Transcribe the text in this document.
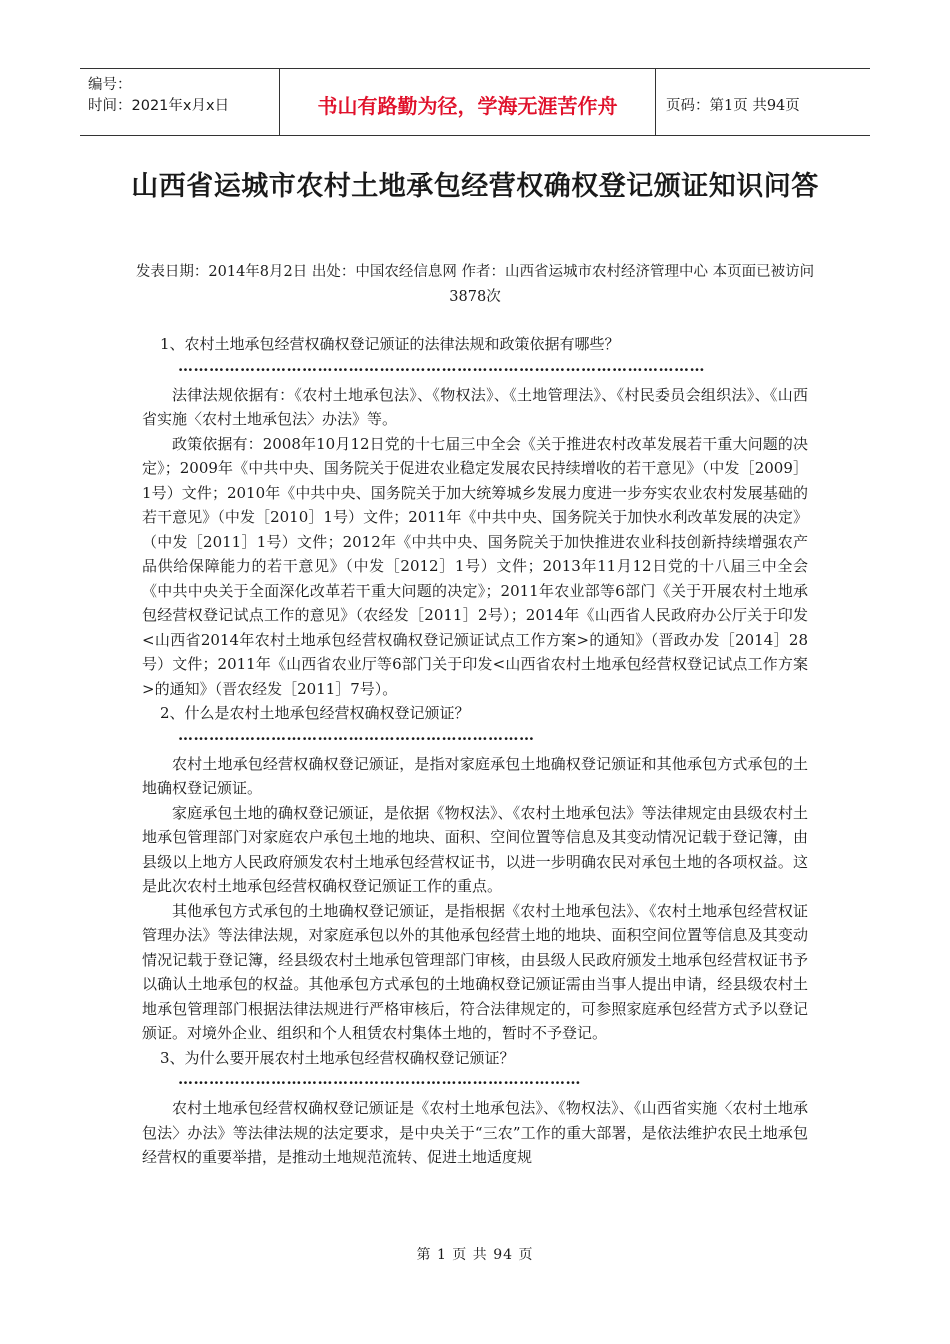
编号：
时间：2021年x月x日	书山有路勤为径，学海无涯苦作舟	页码：第1页 共94页
山西省运城市农村土地承包经营权确权登记颁证知识问答
发表日期：2014年8月2日 出处：中国农经信息网 作者：山西省运城市农村经济管理中心 本页面已被访问 3878次

1、农村土地承包经营权确权登记颁证的法律法规和政策依据有哪些？

…………………………………………………………………………………………

法律法规依据有：《农村土地承包法》、《物权法》、《土地管理法》、《村民委员会组织法》、《山西省实施〈农村土地承包法〉办法》等。

政策依据有：2008年10月12日党的十七届三中全会《关于推进农村改革发展若干重大问题的决定》；2009年《中共中央、国务院关于促进农业稳定发展农民持续增收的若干意见》（中发［2009］1号）文件；2010年《中共中央、国务院关于加大统筹城乡发展力度进一步夯实农业农村发展基础的若干意见》（中发［2010］1号）文件；2011年《中共中央、国务院关于加快水利改革发展的决定》（中发［2011］1号）文件；2012年《中共中央、国务院关于加快推进农业科技创新持续增强农产品供给保障能力的若干意见》（中发［2012］1号）文件；2013年11月12日党的十八届三中全会《中共中央关于全面深化改革若干重大问题的决定》；2011年农业部等6部门《关于开展农村土地承包经营权登记试点工作的意见》（农经发［2011］2号）；2014年《山西省人民政府办公厅关于印发<山西省2014年农村土地承包经营权确权登记颁证试点工作方案>的通知》（晋政办发［2014］28号）文件；2011年《山西省农业厅等6部门关于印发<山西省农村土地承包经营权登记试点工作方案>的通知》（晋农经发［2011］7号）。

2、什么是农村土地承包经营权确权登记颁证？

……………………………………………………………

农村土地承包经营权确权登记颁证，是指对家庭承包土地确权登记颁证和其他承包方式承包的土地确权登记颁证。

家庭承包土地的确权登记颁证，是依据《物权法》、《农村土地承包法》等法律规定由县级农村土地承包管理部门对家庭农户承包土地的地块、面积、空间位置等信息及其变动情况记载于登记簿，由县级以上地方人民政府颁发农村土地承包经营权证书，以进一步明确农民对承包土地的各项权益。这是此次农村土地承包经营权确权登记颁证工作的重点。

其他承包方式承包的土地确权登记颁证，是指根据《农村土地承包法》、《农村土地承包经营权证管理办法》等法律法规，对家庭承包以外的其他承包经营土地的地块、面积空间位置等信息及其变动情况记载于登记簿，经县级农村土地承包管理部门审核，由县级人民政府颁发土地承包经营权证书予以确认土地承包的权益。其他承包方式承包的土地确权登记颁证需由当事人提出申请，经县级农村土地承包管理部门根据法律法规进行严格审核后，符合法律规定的，可参照家庭承包经营方式予以登记颁证。对境外企业、组织和个人租赁农村集体土地的，暂时不予登记。

3、为什么要开展农村土地承包经营权确权登记颁证？

……………………………………………………………………

农村土地承包经营权确权登记颁证是《农村土地承包法》、《物权法》、《山西省实施〈农村土地承包法〉办法》等法律法规的法定要求，是中央关于“三农”工作的重大部署，是依法维护农民土地承包经营权的重要举措，是推动土地规范流转、促进土地适度规

第 1 页 共 94 页
